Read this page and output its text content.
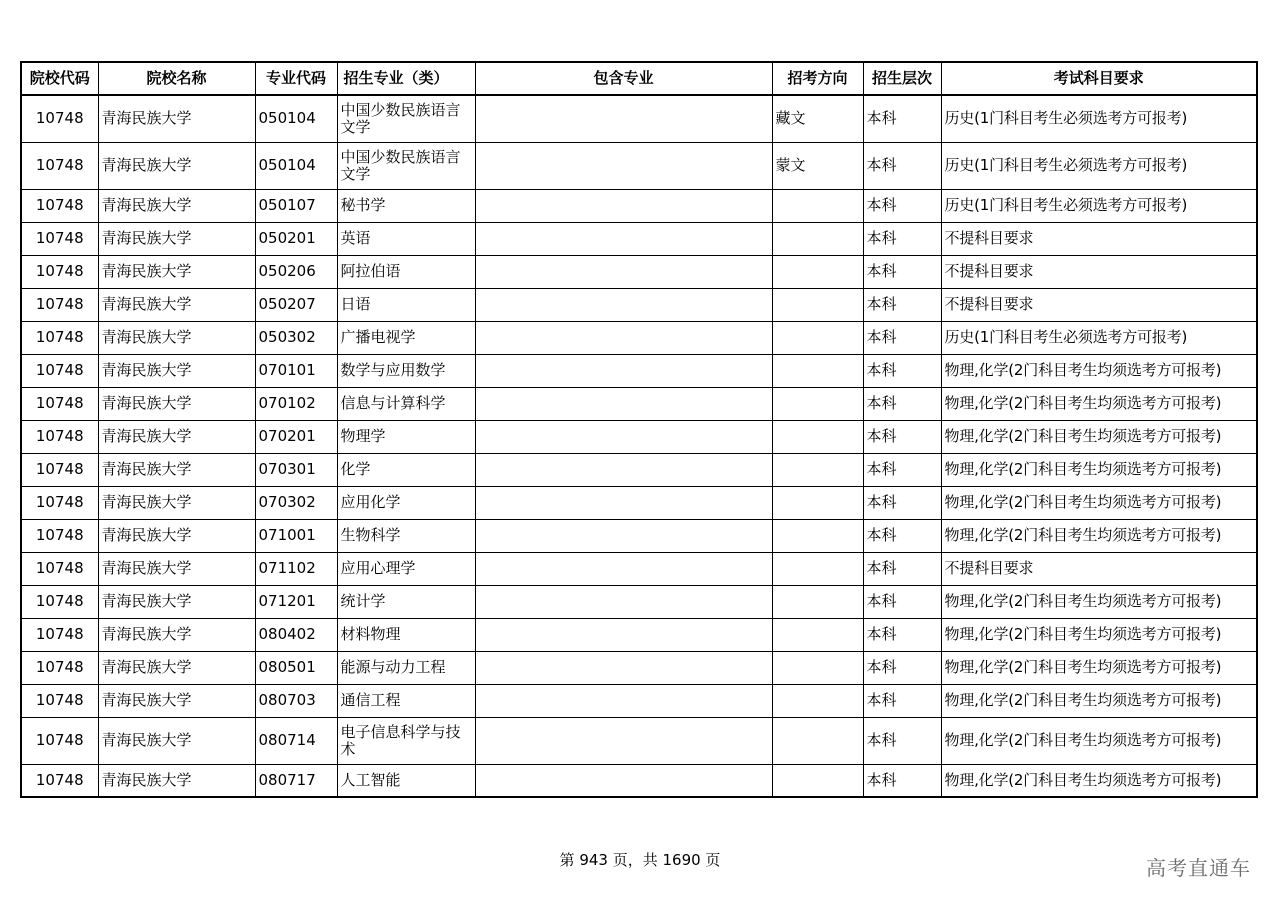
院校代码	院校名称	专业代码	招生专业（类）	包含专业	招考方向	招生层次	考试科目要求
10748	青海民族大学	050104	中国少数民族语言文学		藏文	本科	历史(1门科目考生必须选考方可报考)
10748	青海民族大学	050104	中国少数民族语言文学		蒙文	本科	历史(1门科目考生必须选考方可报考)
10748	青海民族大学	050107	秘书学			本科	历史(1门科目考生必须选考方可报考)
10748	青海民族大学	050201	英语			本科	不提科目要求
10748	青海民族大学	050206	阿拉伯语			本科	不提科目要求
10748	青海民族大学	050207	日语			本科	不提科目要求
10748	青海民族大学	050302	广播电视学			本科	历史(1门科目考生必须选考方可报考)
10748	青海民族大学	070101	数学与应用数学			本科	物理,化学(2门科目考生均须选考方可报考)
10748	青海民族大学	070102	信息与计算科学			本科	物理,化学(2门科目考生均须选考方可报考)
10748	青海民族大学	070201	物理学			本科	物理,化学(2门科目考生均须选考方可报考)
10748	青海民族大学	070301	化学			本科	物理,化学(2门科目考生均须选考方可报考)
10748	青海民族大学	070302	应用化学			本科	物理,化学(2门科目考生均须选考方可报考)
10748	青海民族大学	071001	生物科学			本科	物理,化学(2门科目考生均须选考方可报考)
10748	青海民族大学	071102	应用心理学			本科	不提科目要求
10748	青海民族大学	071201	统计学			本科	物理,化学(2门科目考生均须选考方可报考)
10748	青海民族大学	080402	材料物理			本科	物理,化学(2门科目考生均须选考方可报考)
10748	青海民族大学	080501	能源与动力工程			本科	物理,化学(2门科目考生均须选考方可报考)
10748	青海民族大学	080703	通信工程			本科	物理,化学(2门科目考生均须选考方可报考)
10748	青海民族大学	080714	电子信息科学与技术			本科	物理,化学(2门科目考生均须选考方可报考)
10748	青海民族大学	080717	人工智能			本科	物理,化学(2门科目考生均须选考方可报考)
第 943 页，共 1690 页	高考直通车
